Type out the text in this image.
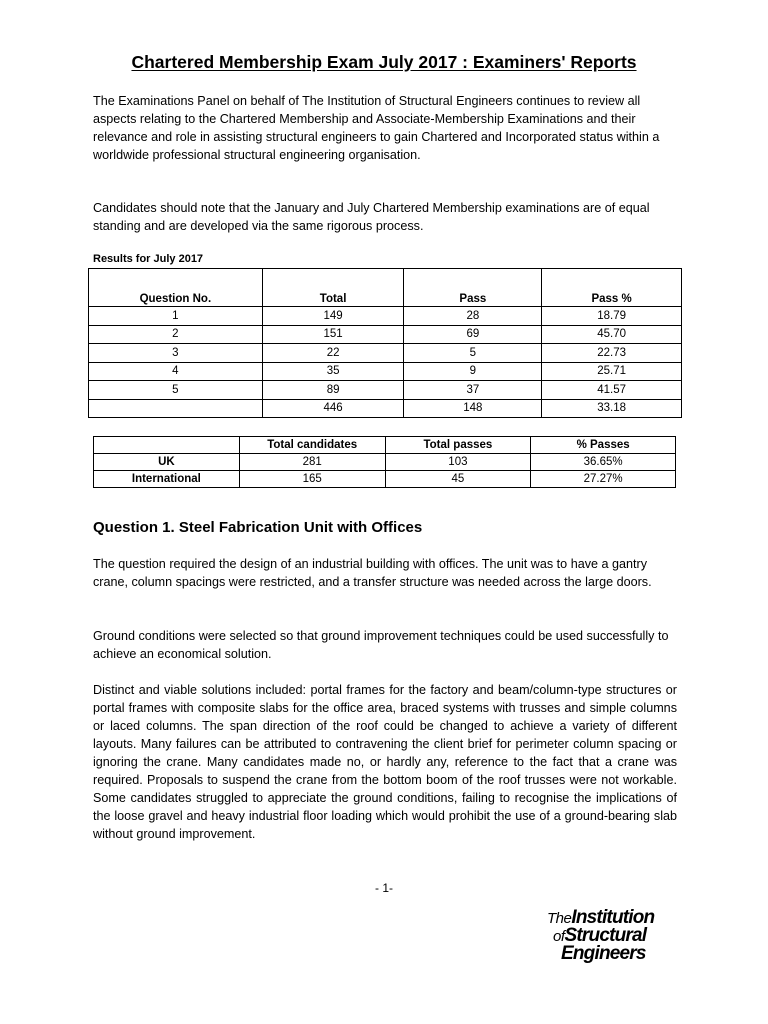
Chartered Membership Exam July 2017 : Examiners' Reports

The Examinations Panel on behalf of The Institution of Structural Engineers continues to review all aspects relating to the Chartered Membership and Associate-Membership Examinations and their relevance and role in assisting structural engineers to gain Chartered and Incorporated status within a worldwide professional structural engineering organisation.

Candidates should note that the January and July Chartered Membership examinations are of equal standing and are developed via the same rigorous process.

Results for July 2017
Question No.	Total	Pass	Pass %
1	149	28	18.79
2	151	69	45.70
3	22	5	22.73
4	35	9	25.71
5	89	37	41.57
	446	148	33.18
	Total candidates	Total passes	% Passes
UK	281	103	36.65%
International	165	45	27.27%
Question 1. Steel Fabrication Unit with Offices

The question required the design of an industrial building with offices. The unit was to have a gantry crane, column spacings were restricted, and a transfer structure was needed across the large doors.

Ground conditions were selected so that ground improvement techniques could be used successfully to achieve an economical solution.

Distinct and viable solutions included: portal frames for the factory and beam/column-type structures or portal frames with composite slabs for the office area, braced systems with trusses and simple columns or laced columns. The span direction of the roof could be changed to achieve a variety of different layouts. Many failures can be attributed to contravening the client brief for perimeter column spacing or ignoring the crane. Many candidates made no, or hardly any, reference to the fact that a crane was required. Proposals to suspend the crane from the bottom boom of the roof trusses were not workable. Some candidates struggled to appreciate the ground conditions, failing to recognise the implications of the loose gravel and heavy industrial floor loading which would prohibit the use of a ground-bearing slab without ground improvement.

- 1-
TheInstitution
ofStructural
Engineers
